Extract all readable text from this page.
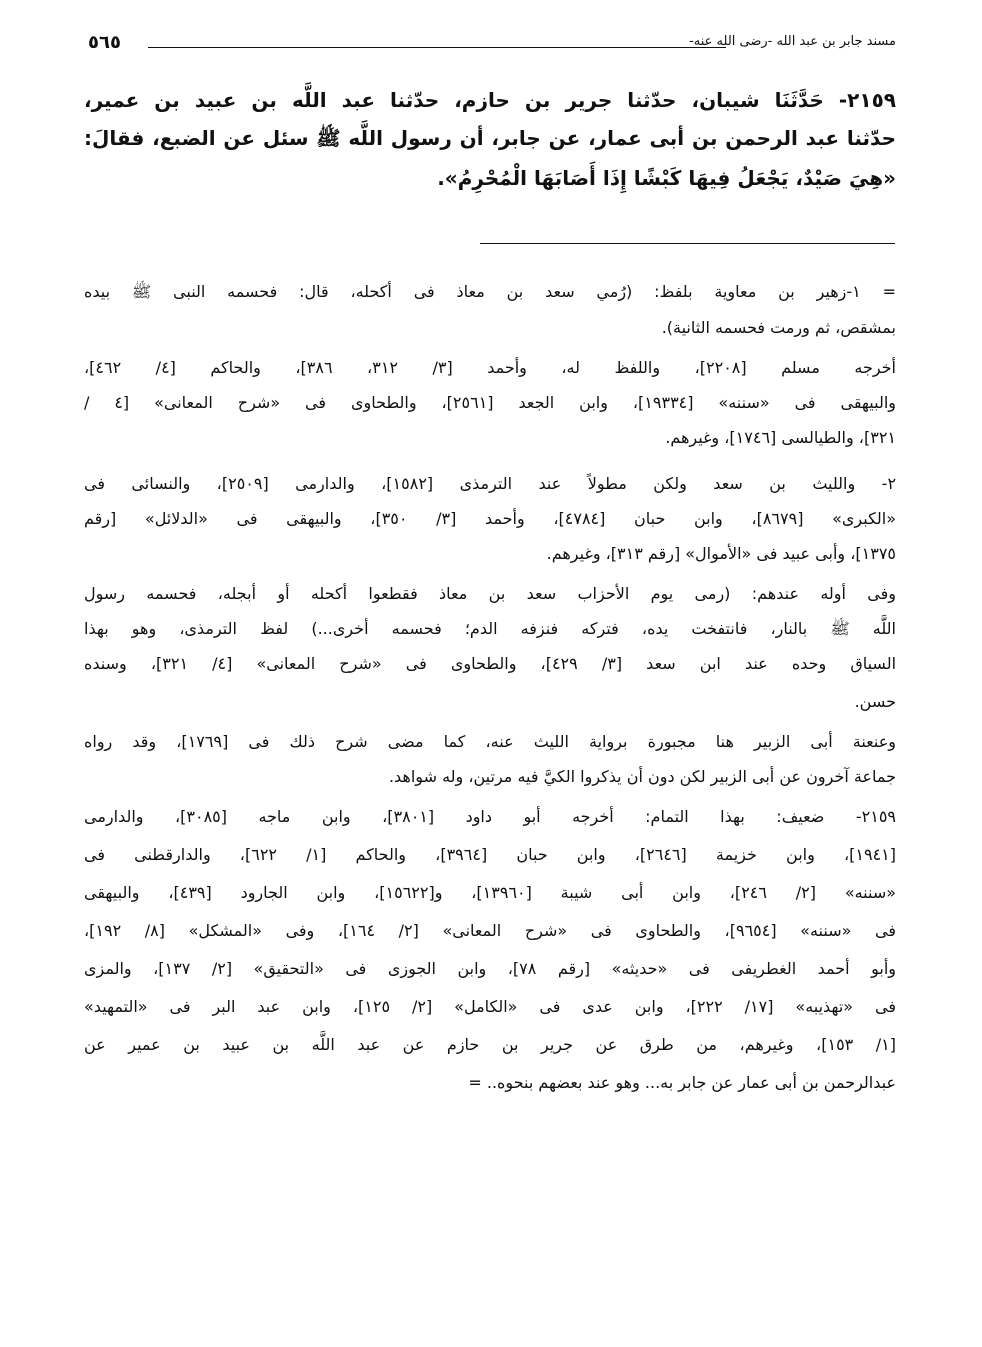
مسند جابر بن عبد الله -رضى الله عنه-
٥٦٥
٢١٥٩- حَدَّثَنَا شيبان، حدّثنا جرير بن حازم، حدّثنا عبد اللَّه بن عبيد بن عمير،
حدّثنا عبد الرحمن بن أبى عمار، عن جابر، أن رسول اللَّه ﷺ سئل عن الضبع، فقالَ:
«هِيَ صَيْدٌ، يَجْعَلُ فِيهَا كَبْشًا إِذَا أَصَابَهَا الْمُحْرِمُ».
= ١-زهير بن معاوية بلفظ: (رُمي سعد بن معاذ فى أكحله، قال: فحسمه النبى ﷺ بيده
بمشقص، ثم ورمت فحسمه الثانية).
أخرجه مسلم [٢٢٠٨]، واللفظ له، وأحمد [٣/ ٣١٢، ٣٨٦]، والحاكم [٤/ ٤٦٢]،
والبيهقى فى «سننه» [١٩٣٣٤]، وابن الجعد [٢٥٦١]، والطحاوى فى «شرح المعانى» [٤ /
٣٢١]، والطيالسى [١٧٤٦]، وغيرهم.
٢- والليث بن سعد ولكن مطولاً عند الترمذى [١٥٨٢]، والدارمى [٢٥٠٩]، والنسائى فى
«الكبرى» [٨٦٧٩]، وابن حبان [٤٧٨٤]، وأحمد [٣/ ٣٥٠]، والبيهقى فى «الدلائل» [رقم
١٣٧٥]، وأبى عبيد فى «الأموال» [رقم ٣١٣]، وغيرهم.
وفى أوله عندهم: (رمى يوم الأحزاب سعد بن معاذ فقطعوا أكحله أو أبجله، فحسمه رسول
اللَّه ﷺ بالنار، فانتفخت يده، فتركه فنزفه الدم؛ فحسمه أخرى...) لفظ الترمذى، وهو بهذا
السياق وحده عند ابن سعد [٣/ ٤٢٩]، والطحاوى فى «شرح المعانى» [٤/ ٣٢١]، وسنده
حسن.
وعنعنة أبى الزبير هنا مجبورة برواية الليث عنه، كما مضى شرح ذلك فى [١٧٦٩]، وقد رواه
جماعة آخرون عن أبى الزبير لكن دون أن يذكروا الكيَّ فيه مرتين، وله شواهد.
٢١٥٩- ضعيف: بهذا التمام: أخرجه أبو داود [٣٨٠١]، وابن ماجه [٣٠٨٥]، والدارمى
[١٩٤١]، وابن خزيمة [٢٦٤٦]، وابن حبان [٣٩٦٤]، والحاكم [١/ ٦٢٢]، والدارقطنى فى
«سننه» [٢/ ٢٤٦]، وابن أبى شيبة [١٣٩٦٠]، و[١٥٦٢٢]، وابن الجارود [٤٣٩]، والبيهقى
فى «سننه» [٩٦٥٤]، والطحاوى فى «شرح المعانى» [٢/ ١٦٤]، وفى «المشكل» [٨/ ١٩٢]،
وأبو أحمد الغطريفى فى «حديثه» [رقم ٧٨]، وابن الجوزى فى «التحقيق» [٢/ ١٣٧]، والمزى
فى «تهذيبه» [١٧/ ٢٢٢]، وابن عدى فى «الكامل» [٢/ ١٢٥]، وابن عبد البر فى «التمهيد»
[١/ ١٥٣]، وغيرهم، من طرق عن جرير بن حازم عن عبد اللَّه بن عبيد بن عمير عن
عبدالرحمن بن أبى عمار عن جابر به... وهو عند بعضهم بنحوه.. =
